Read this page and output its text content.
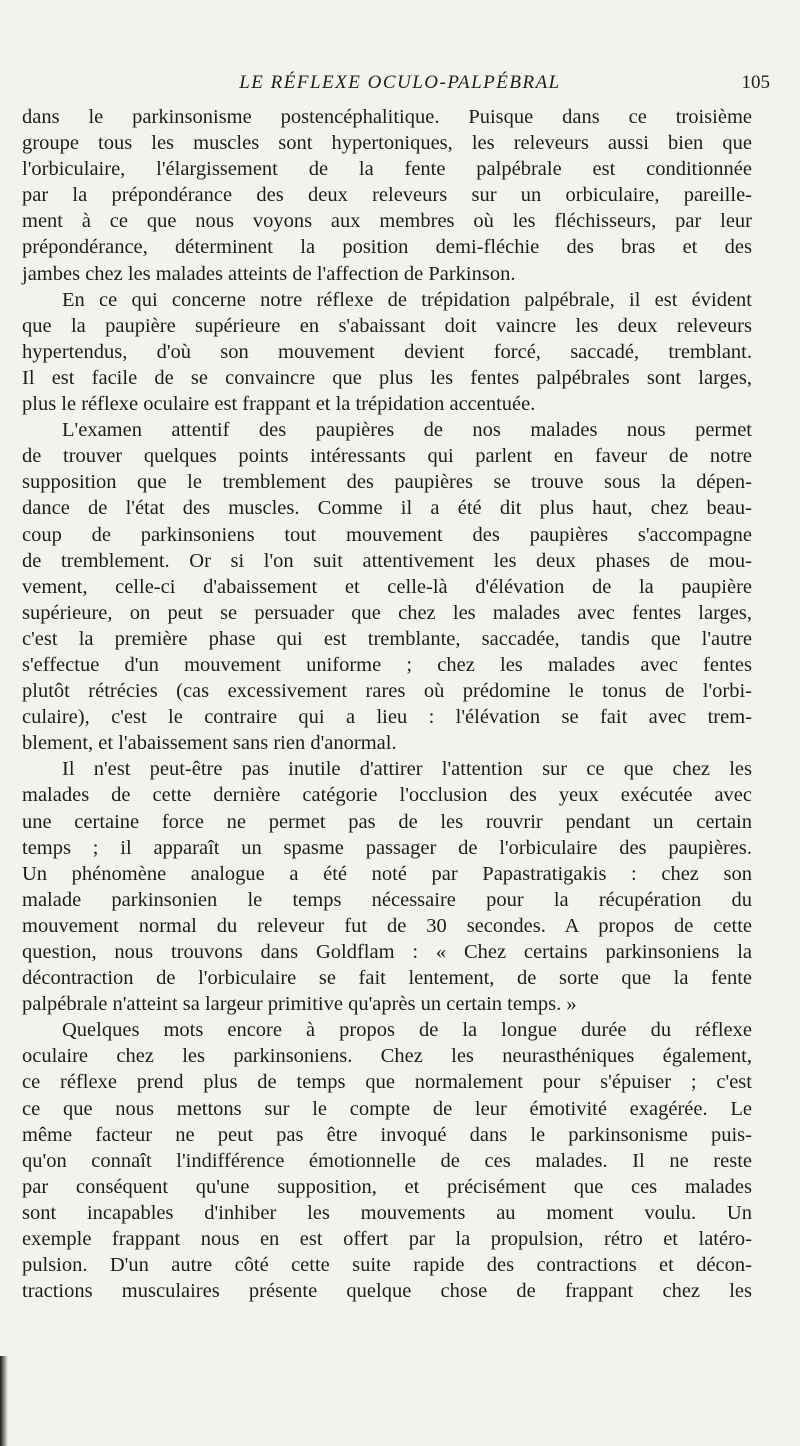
LE RÉFLEXE OCULO-PALPÉBRAL	105
dans le parkinsonisme postencéphalitique. Puisque dans ce troisième
groupe tous les muscles sont hypertoniques, les releveurs aussi bien que
l'orbiculaire, l'élargissement de la fente palpébrale est conditionnée
par la prépondérance des deux releveurs sur un orbiculaire, pareille-
ment à ce que nous voyons aux membres où les fléchisseurs, par leur
prépondérance, déterminent la position demi-fléchie des bras et des
jambes chez les malades atteints de l'affection de Parkinson.
En ce qui concerne notre réflexe de trépidation palpébrale, il est évident
que la paupière supérieure en s'abaissant doit vaincre les deux releveurs
hypertendus, d'où son mouvement devient forcé, saccadé, tremblant.
Il est facile de se convaincre que plus les fentes palpébrales sont larges,
plus le réflexe oculaire est frappant et la trépidation accentuée.
L'examen attentif des paupières de nos malades nous permet
de trouver quelques points intéressants qui parlent en faveur de notre
supposition que le tremblement des paupières se trouve sous la dépen-
dance de l'état des muscles. Comme il a été dit plus haut, chez beau-
coup de parkinsoniens tout mouvement des paupières s'accompagne
de tremblement. Or si l'on suit attentivement les deux phases de mou-
vement, celle-ci d'abaissement et celle-là d'élévation de la paupière
supérieure, on peut se persuader que chez les malades avec fentes larges,
c'est la première phase qui est tremblante, saccadée, tandis que l'autre
s'effectue d'un mouvement uniforme ; chez les malades avec fentes
plutôt rétrécies (cas excessivement rares où prédomine le tonus de l'orbi-
culaire), c'est le contraire qui a lieu : l'élévation se fait avec trem-
blement, et l'abaissement sans rien d'anormal.
Il n'est peut-être pas inutile d'attirer l'attention sur ce que chez les
malades de cette dernière catégorie l'occlusion des yeux exécutée avec
une certaine force ne permet pas de les rouvrir pendant un certain
temps ; il apparaît un spasme passager de l'orbiculaire des paupières.
Un phénomène analogue a été noté par Papastratigakis : chez son
malade parkinsonien le temps nécessaire pour la récupération du
mouvement normal du releveur fut de 30 secondes. A propos de cette
question, nous trouvons dans Goldflam : « Chez certains parkinsoniens la
décontraction de l'orbiculaire se fait lentement, de sorte que la fente
palpébrale n'atteint sa largeur primitive qu'après un certain temps. »
Quelques mots encore à propos de la longue durée du réflexe
oculaire chez les parkinsoniens. Chez les neurasthéniques également,
ce réflexe prend plus de temps que normalement pour s'épuiser ; c'est
ce que nous mettons sur le compte de leur émotivité exagérée. Le
même facteur ne peut pas être invoqué dans le parkinsonisme puis-
qu'on connaît l'indifférence émotionnelle de ces malades. Il ne reste
par conséquent qu'une supposition, et précisément que ces malades
sont incapables d'inhiber les mouvements au moment voulu. Un
exemple frappant nous en est offert par la propulsion, rétro et latéro-
pulsion. D'un autre côté cette suite rapide des contractions et décon-
tractions musculaires présente quelque chose de frappant chez les
